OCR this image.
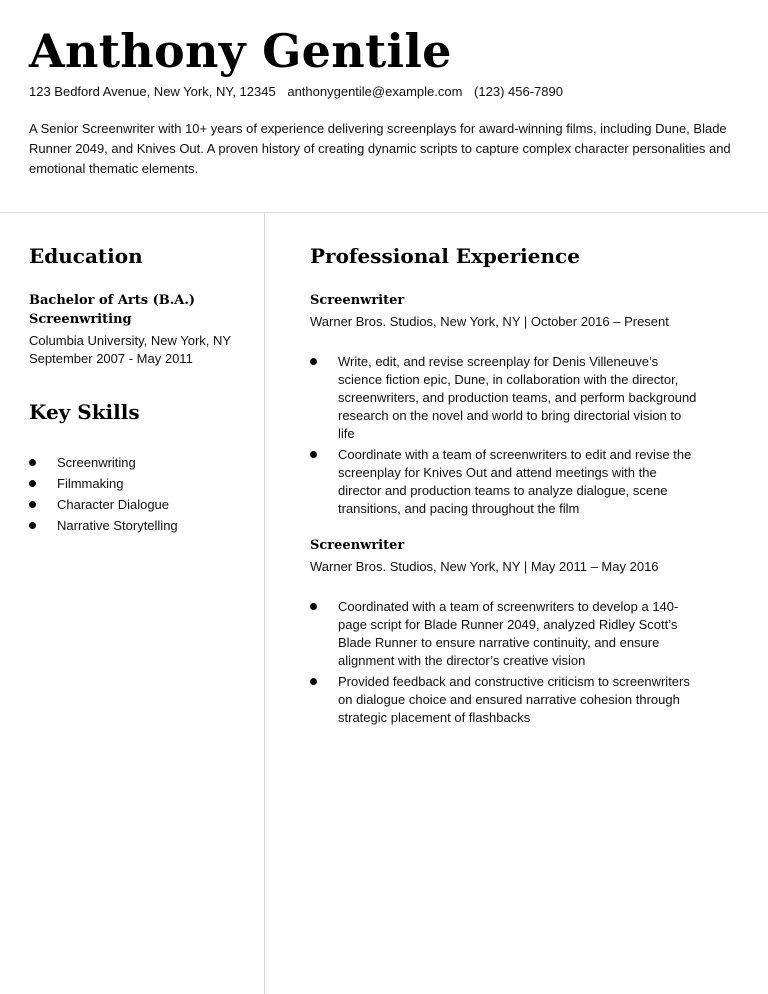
Anthony Gentile
123 Bedford Avenue, New York, NY, 12345 anthonygentile@example.com (123) 456-7890

A Senior Screenwriter with 10+ years of experience delivering screenplays for award-winning films, including Dune, Blade Runner 2049, and Knives Out. A proven history of creating dynamic scripts to capture complex character personalities and emotional thematic elements.

Education
Bachelor of Arts (B.A.)
Screenwriting
Columbia University, New York, NY
September 2007 - May 2011
Key Skills
Screenwriting
Filmmaking
Character Dialogue
Narrative Storytelling
Professional Experience
Screenwriter
Warner Bros. Studios, New York, NY | October 2016 – Present
Write, edit, and revise screenplay for Denis Villeneuve’s science fiction epic, Dune, in collaboration with the director, screenwriters, and production teams, and perform background research on the novel and world to bring directorial vision to life
Coordinate with a team of screenwriters to edit and revise the screenplay for Knives Out and attend meetings with the director and production teams to analyze dialogue, scene transitions, and pacing throughout the film
Screenwriter
Warner Bros. Studios, New York, NY | May 2011 – May 2016
Coordinated with a team of screenwriters to develop a 140-page script for Blade Runner 2049, analyzed Ridley Scott’s Blade Runner to ensure narrative continuity, and ensure alignment with the director’s creative vision
Provided feedback and constructive criticism to screenwriters on dialogue choice and ensured narrative cohesion through strategic placement of flashbacks
